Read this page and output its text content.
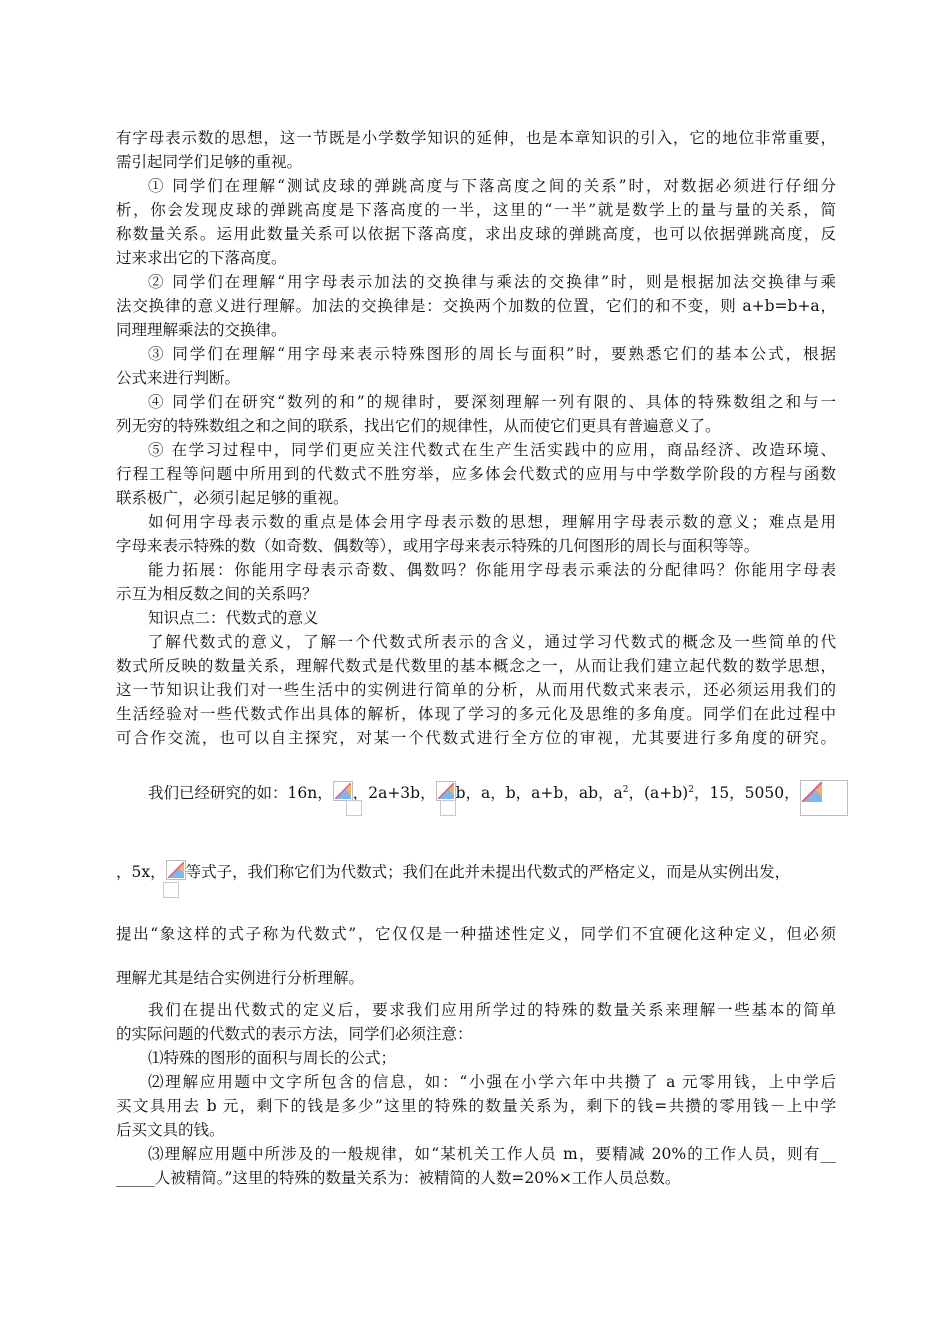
有字母表示数的思想，这一节既是小学数学知识的延伸，也是本章知识的引入，它的地位非常重要，
需引起同学们足够的重视。
① 同学们在理解“测试皮球的弹跳高度与下落高度之间的关系”时，对数据必须进行仔细分
析，你会发现皮球的弹跳高度是下落高度的一半，这里的“一半”就是数学上的量与量的关系，简
称数量关系。运用此数量关系可以依据下落高度，求出皮球的弹跳高度，也可以依据弹跳高度，反
过来求出它的下落高度。
② 同学们在理解“用字母表示加法的交换律与乘法的交换律”时，则是根据加法交换律与乘
法交换律的意义进行理解。加法的交换律是：交换两个加数的位置，它们的和不变，则 a+b=b+a，
同理理解乘法的交换律。
③ 同学们在理解“用字母来表示特殊图形的周长与面积”时，要熟悉它们的基本公式，根据
公式来进行判断。
④ 同学们在研究“数列的和”的规律时，要深刻理解一列有限的、具体的特殊数组之和与一
列无穷的特殊数组之和之间的联系，找出它们的规律性，从而使它们更具有普遍意义了。
⑤ 在学习过程中，同学们更应关注代数式在生产生活实践中的应用，商品经济、改造环境、
行程工程等问题中所用到的代数式不胜穷举，应多体会代数式的应用与中学数学阶段的方程与函数
联系极广，必须引起足够的重视。
如何用字母表示数的重点是体会用字母表示数的思想，理解用字母表示数的意义；难点是用
字母来表示特殊的数（如奇数、偶数等），或用字母来表示特殊的几何图形的周长与面积等等。
能力拓展：你能用字母表示奇数、偶数吗？你能用字母表示乘法的分配律吗？你能用字母表
示互为相反数之间的关系吗？
知识点二：代数式的意义
了解代数式的意义，了解一个代数式所表示的含义，通过学习代数式的概念及一些简单的代
数式所反映的数量关系，理解代数式是代数里的基本概念之一，从而让我们建立起代数的数学思想，
这一节知识让我们对一些生活中的实例进行简单的分析，从而用代数式来表示，还必须运用我们的
生活经验对一些代数式作出具体的解析，体现了学习的多元化及思维的多角度。同学们在此过程中
可合作交流，也可以自主探究，对某一个代数式进行全方位的审视，尤其要进行多角度的研究。
我们已经研究的如：16n， ，2a+3b， b，a，b，a+b，ab，$a^2$，$(a+b)^2$，15，5050，
，5x， 等式子，我们称它们为代数式；我们在此并未提出代数式的严格定义，而是从实例出发，
提出“象这样的式子称为代数式”，它仅仅是一种描述性定义，同学们不宜硬化这种定义，但必须
理解尤其是结合实例进行分析理解。
我们在提出代数式的定义后，要求我们应用所学过的特殊的数量关系来理解一些基本的简单
的实际问题的代数式的表示方法，同学们必须注意：
⑴特殊的图形的面积与周长的公式；
⑵理解应用题中文字所包含的信息，如：“小强在小学六年中共攒了 a 元零用钱，上中学后
买文具用去 b 元，剩下的钱是多少”这里的特殊的数量关系为，剩下的钱=共攒的零用钱－上中学
后买文具的钱。
⑶理解应用题中所涉及的一般规律，如“某机关工作人员 m，要精减 20%的工作人员，则有__
_____人被精简。”这里的特殊的数量关系为：被精简的人数=20%×工作人员总数。
